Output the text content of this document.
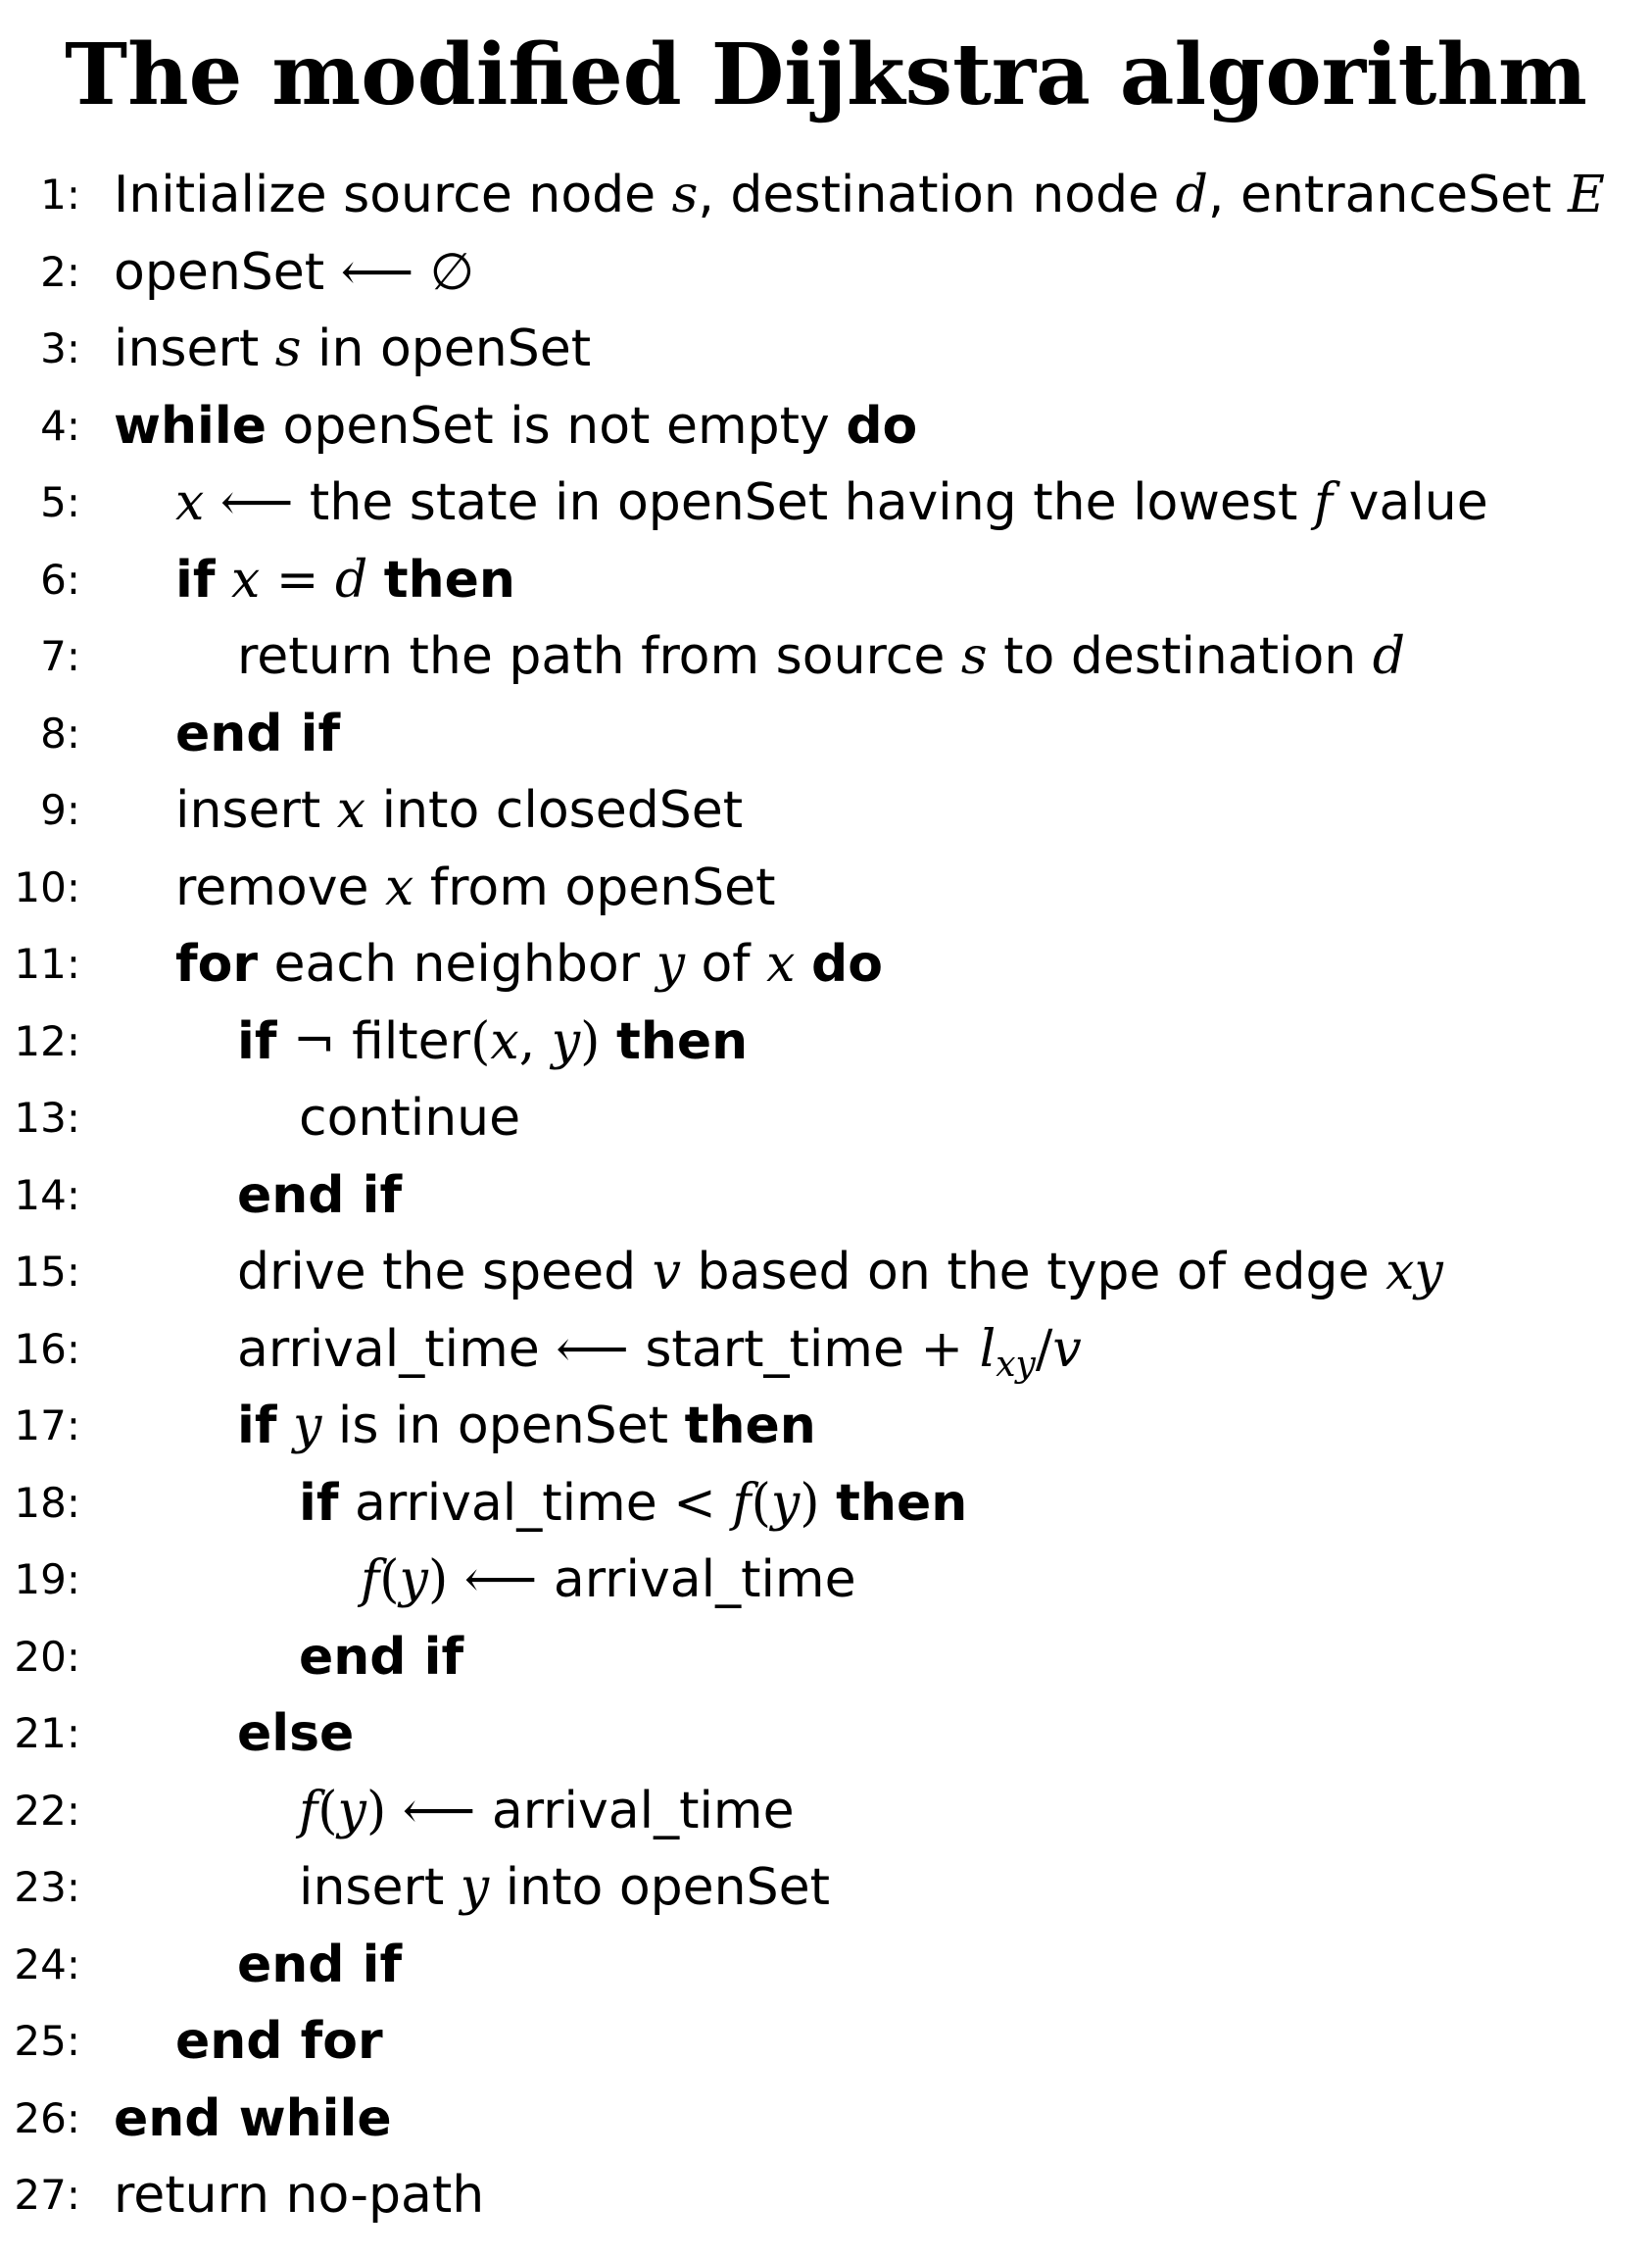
The modified Dijkstra algorithm
1: Initialize source node s, destination node d, entranceSet E
2: openSet ⟵ ∅
3: insert s in openSet
4: while openSet is not empty do
5: x ⟵ the state in openSet having the lowest f value
6: if x = d then
7:	return the path from source s to destination d
8: end if
9: insert x into closedSet
10: remove x from openSet
11: for each neighbor y of x do
12:	if ¬ filter(x, y) then
13:	continue
14:	end if
15:	drive the speed v based on the type of edge xy
16:	arrival_time ⟵ start_time + $l_{xy}/v$
17:	if y is in openSet then
18:	if arrival_time < f(y) then
19:	f(y) ⟵ arrival_time
20:	end if
21:	else
22:	f(y) ⟵ arrival_time
23:	insert y into openSet
24:	end if
25: end for
26: end while
27: return no-path
